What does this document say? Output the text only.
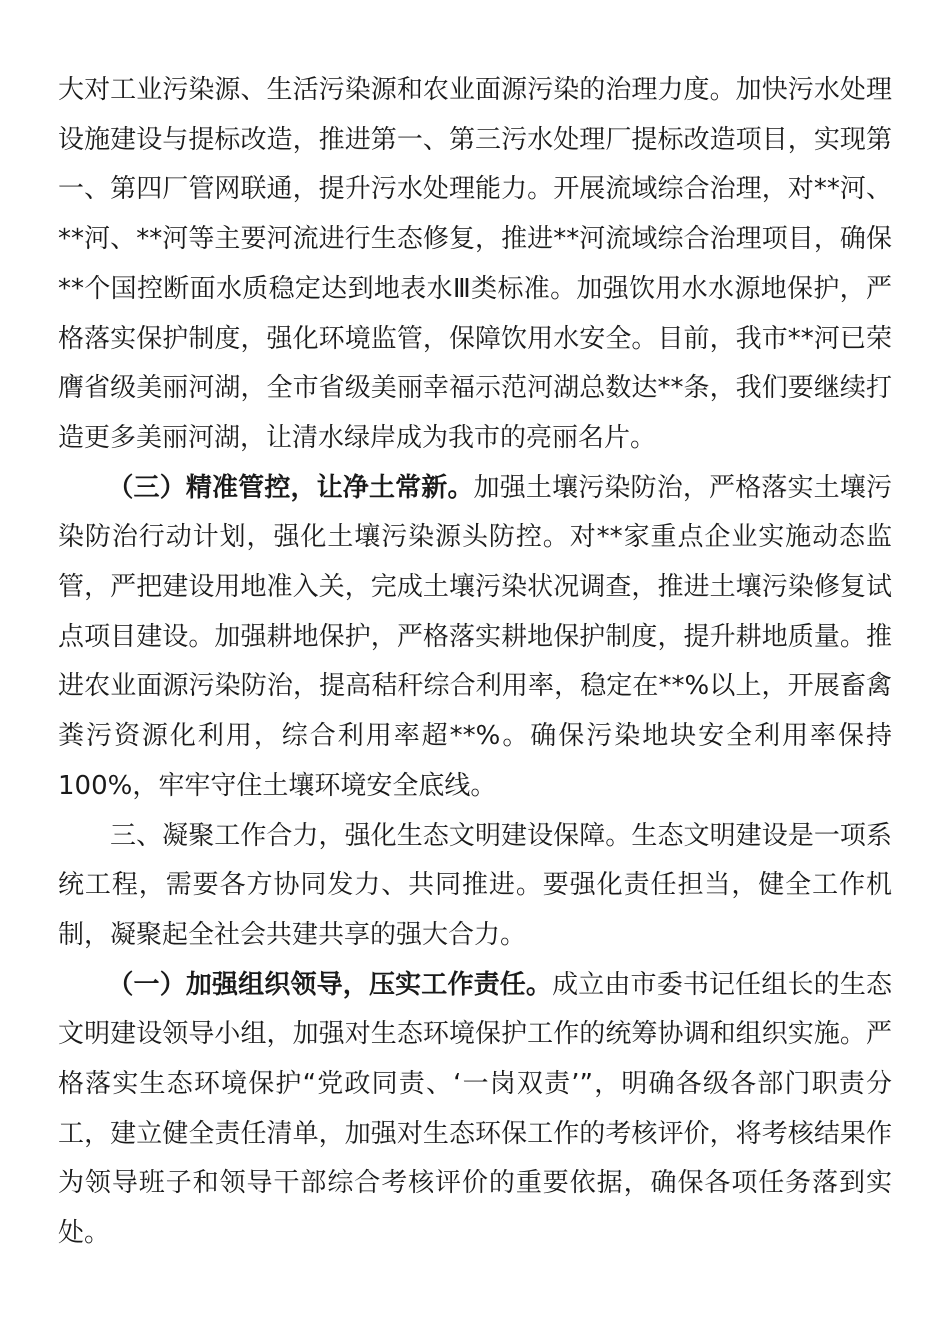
大对工业污染源、生活污染源和农业面源污染的治理力度。加快污水处理设施建设与提标改造，推进第一、第三污水处理厂提标改造项目，实现第一、第四厂管网联通，提升污水处理能力。开展流域综合治理，对**河、**河、**河等主要河流进行生态修复，推进**河流域综合治理项目，确保**个国控断面水质稳定达到地表水Ⅲ类标准。加强饮用水水源地保护，严格落实保护制度，强化环境监管，保障饮用水安全。目前，我市**河已荣膺省级美丽河湖，全市省级美丽幸福示范河湖总数达**条，我们要继续打造更多美丽河湖，让清水绿岸成为我市的亮丽名片。

（三）精准管控，让净土常新。加强土壤污染防治，严格落实土壤污染防治行动计划，强化土壤污染源头防控。对**家重点企业实施动态监管，严把建设用地准入关，完成土壤污染状况调查，推进土壤污染修复试点项目建设。加强耕地保护，严格落实耕地保护制度，提升耕地质量。推进农业面源污染防治，提高秸秆综合利用率，稳定在**%以上，开展畜禽粪污资源化利用，综合利用率超**%。确保污染地块安全利用率保持 100%，牢牢守住土壤环境安全底线。

三、凝聚工作合力，强化生态文明建设保障。生态文明建设是一项系统工程，需要各方协同发力、共同推进。要强化责任担当，健全工作机制，凝聚起全社会共建共享的强大合力。

（一）加强组织领导，压实工作责任。成立由市委书记任组长的生态文明建设领导小组，加强对生态环境保护工作的统筹协调和组织实施。严格落实生态环境保护“党政同责、‘一岗双责’”，明确各级各部门职责分工，建立健全责任清单，加强对生态环保工作的考核评价，将考核结果作为领导班子和领导干部综合考核评价的重要依据，确保各项任务落到实处。
